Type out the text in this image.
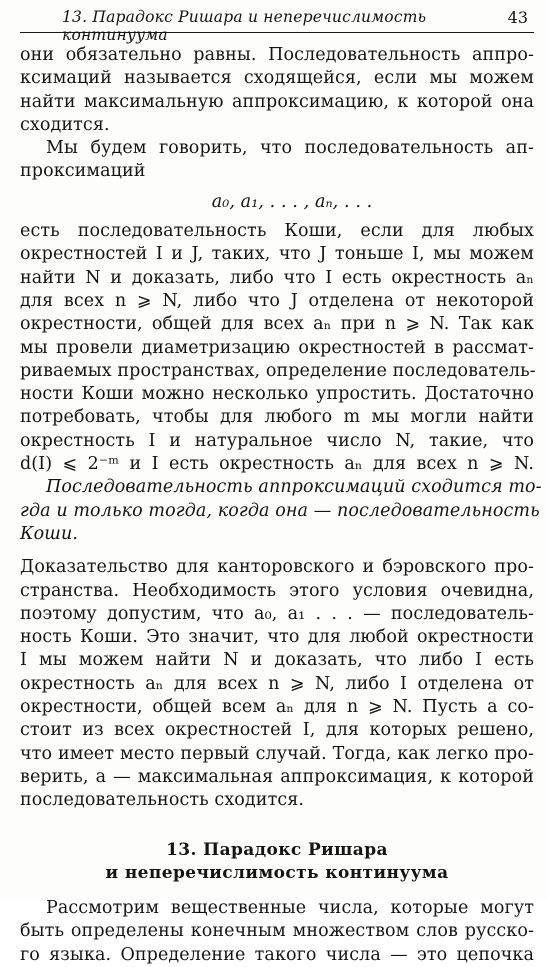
13. Парадокс Ришара и неперечислимость континуума
43
они обязательно равны. Последовательность аппро-
ксимаций называется сходящейся, если мы можем
найти максимальную аппроксимацию, к которой она
сходится.
Мы будем говорить, что последовательность ап-
проксимаций
a₀, a₁, . . . , aₙ, . . .
есть последовательность Коши, если для любых
окрестностей I и J, таких, что J тоньше I, мы можем
найти N и доказать, либо что I есть окрестность aₙ
для всех n ⩾ N, либо что J отделена от некоторой
окрестности, общей для всех aₙ при n ⩾ N. Так как
мы провели диаметризацию окрестностей в рассмат-
риваемых пространствах, определение последователь-
ности Коши можно несколько упростить. Достаточно
потребовать, чтобы для любого m мы могли найти
окрестность I и натуральное число N, такие, что
d(I) ⩽ 2⁻ᵐ и I есть окрестность aₙ для всех n ⩾ N.
Последовательность аппроксимаций сходится то-
гда и только тогда, когда она — последовательность
Коши.
Доказательство для канторовского и бэровского про-
странства. Необходимость этого условия очевидна,
поэтому допустим, что a₀, a₁ . . . — последователь-
ность Коши. Это значит, что для любой окрестности
I мы можем найти N и доказать, что либо I есть
окрестность aₙ для всех n ⩾ N, либо I отделена от
окрестности, общей всем aₙ для n ⩾ N. Пусть a со-
стоит из всех окрестностей I, для которых решено,
что имеет место первый случай. Тогда, как легко про-
верить, a — максимальная аппроксимация, к которой
последовательность сходится.
13. Парадокс Ришара
и неперечислимость континуума
Рассмотрим вещественные числа, которые могут
быть определены конечным множеством слов русско-
го языка. Определение такого числа — это цепочка
